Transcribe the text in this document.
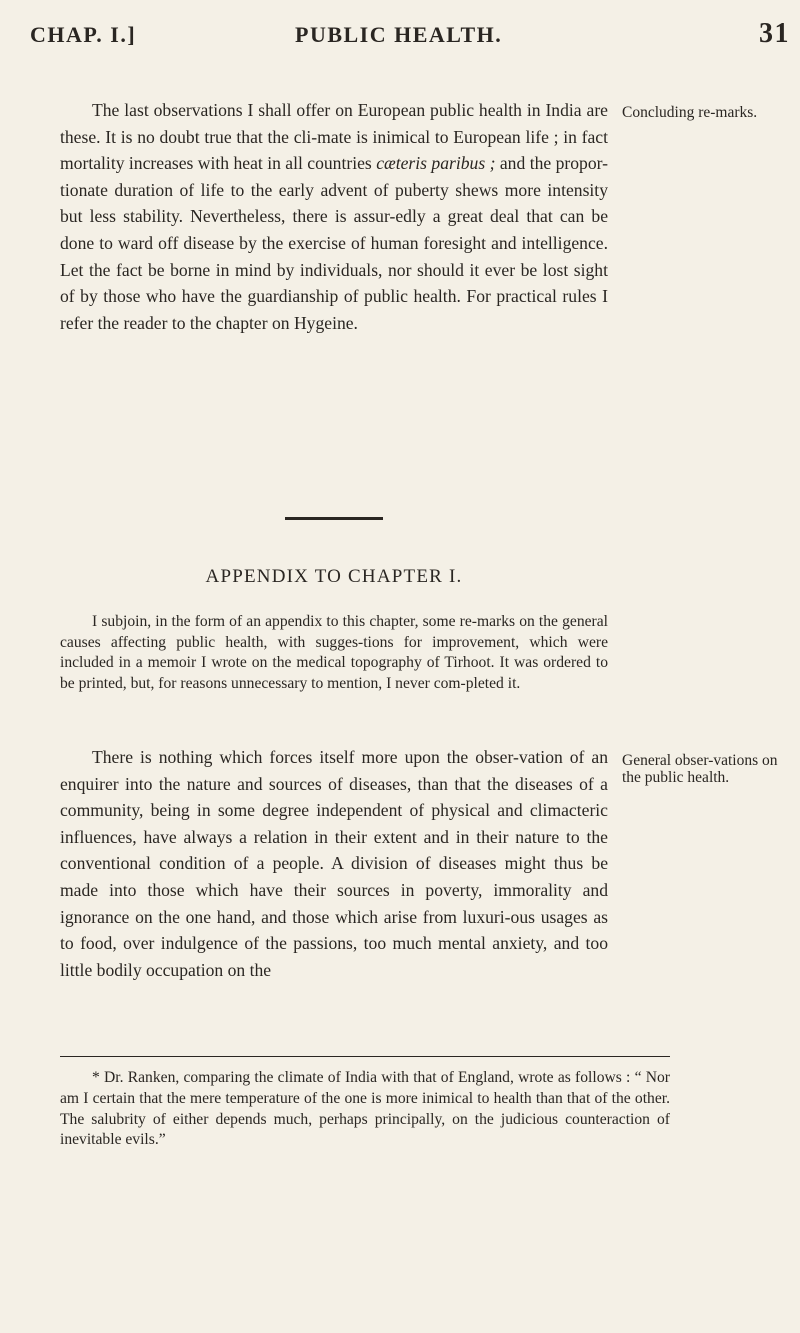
CHAP. I.]	PUBLIC HEALTH.	31

The last observations I shall offer on European public health in India are these. It is no doubt true that the cli-mate is inimical to European life ; in fact mortality increases with heat in all countries cæteris paribus ; and the propor-tionate duration of life to the early advent of puberty shews more intensity but less stability. Nevertheless, there is assur-edly a great deal that can be done to ward off disease by the exercise of human foresight and intelligence. Let the fact be borne in mind by individuals, nor should it ever be lost sight of by those who have the guardianship of public health. For practical rules I refer the reader to the chapter on Hygeine.

Concluding re-marks.
APPENDIX TO CHAPTER I.

I subjoin, in the form of an appendix to this chapter, some re-marks on the general causes affecting public health, with sugges-tions for improvement, which were included in a memoir I wrote on the medical topography of Tirhoot. It was ordered to be printed, but, for reasons unnecessary to mention, I never com-pleted it.

There is nothing which forces itself more upon the obser-vation of an enquirer into the nature and sources of diseases, than that the diseases of a community, being in some degree independent of physical and climacteric influences, have always a relation in their extent and in their nature to the conventional condition of a people. A division of diseases might thus be made into those which have their sources in poverty, immorality and ignorance on the one hand, and those which arise from luxuri-ous usages as to food, over indulgence of the passions, too much mental anxiety, and too little bodily occupation on the

General obser-vations on the public health.

* Dr. Ranken, comparing the climate of India with that of England, wrote as follows : “ Nor am I certain that the mere temperature of the one is more inimical to health than that of the other. The salubrity of either depends much, perhaps principally, on the judicious counteraction of inevitable evils.”
